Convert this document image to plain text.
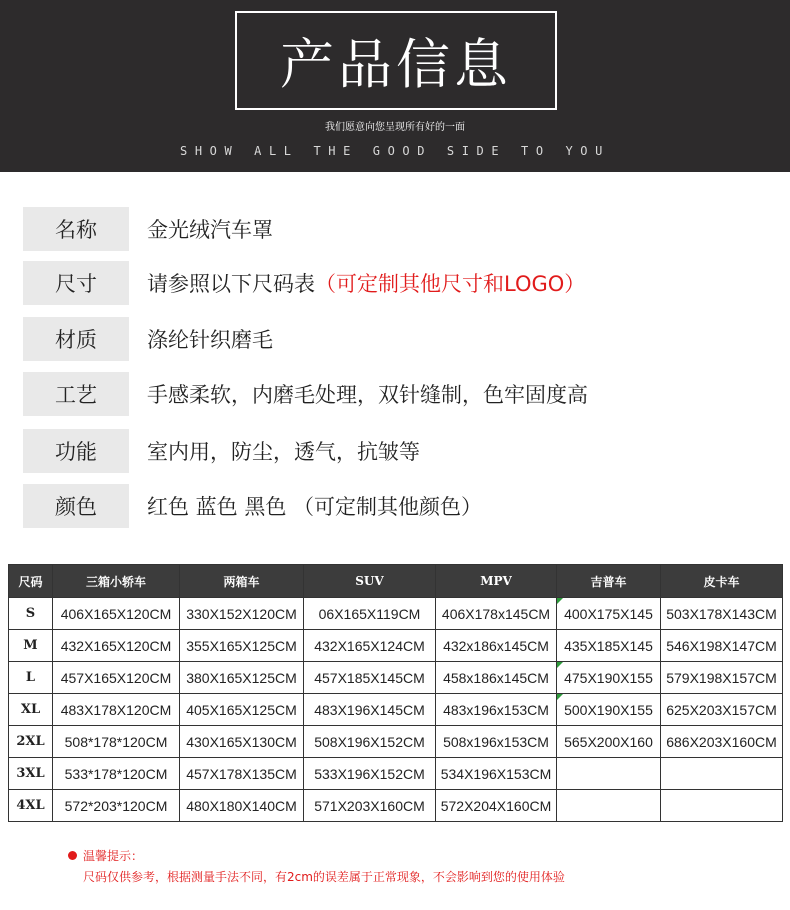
产品信息
我们愿意向您呈现所有好的一面
SHOW ALL THE GOOD SIDE TO YOU
名称	金光绒汽车罩
尺寸	请参照以下尺码表 （可定制其他尺寸和LOGO）
材质	涤纶针织磨毛
工艺	手感柔软，内磨毛处理，双针缝制，色牢固度高
功能	室内用，防尘，透气，抗皱等
颜色	红色 蓝色 黑色 （可定制其他颜色）
尺码	三箱小轿车	两箱车	SUV	MPV	吉普车	皮卡车
S	406X165X120CM	330X152X120CM	06X165X119CM	406X178x145CM	400X175X145	503X178X143CM
M	432X165X120CM	355X165X125CM	432X165X124CM	432x186x145CM	435X185X145	546X198X147CM
L	457X165X120CM	380X165X125CM	457X185X145CM	458x186x145CM	475X190X155	579X198X157CM
XL	483X178X120CM	405X165X125CM	483X196X145CM	483x196x153CM	500X190X155	625X203X157CM
2XL	508*178*120CM	430X165X130CM	508X196X152CM	508x196x153CM	565X200X160	686X203X160CM
3XL	533*178*120CM	457X178X135CM	533X196X152CM	534X196X153CM		
4XL	572*203*120CM	480X180X140CM	571X203X160CM	572X204X160CM		
温馨提示：
尺码仅供参考，根据测量手法不同，有2cm的误差属于正常现象，不会影响到您的使用体验
